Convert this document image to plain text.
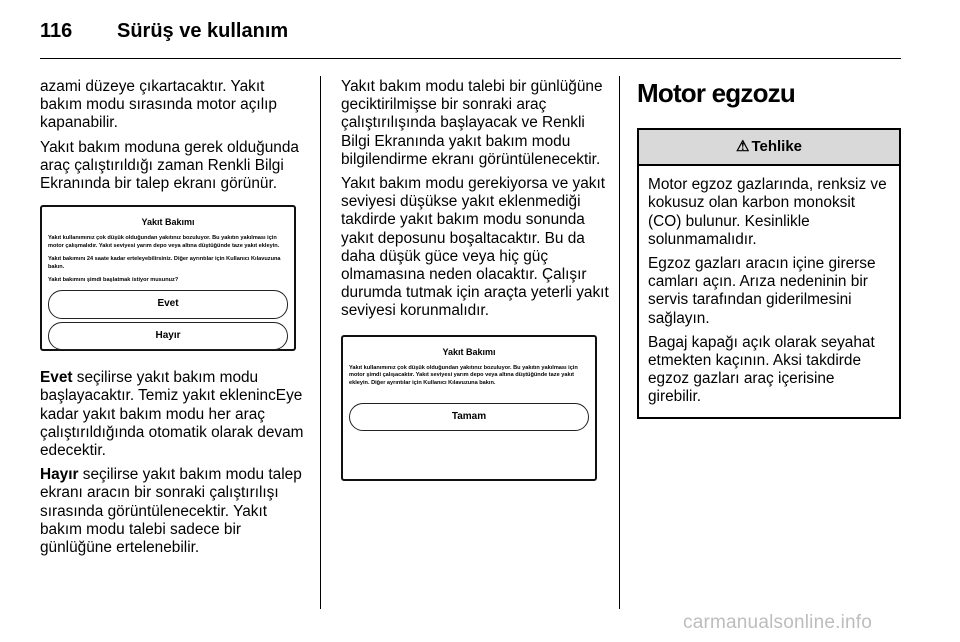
116 Sürüş ve kullanım

azami düzeye çıkartacaktır. Yakıt bakım modu sırasında motor açılıp kapanabilir.

Yakıt bakım moduna gerek olduğunda araç çalıştırıldığı zaman Renkli Bilgi Ekranında bir talep ekranı görünür.

Yakıt Bakımı

Yakıt kullanımınız çok düşük olduğundan yakıtınız bozuluyor. Bu yakıtın yakılması için motor çalışmalıdır. Yakıt seviyesi yarım depo veya altına düştüğünde taze yakıt ekleyin.

Yakıt bakımını 24 saate kadar erteleyebilirsiniz. Diğer ayrıntılar için Kullanıcı Kılavuzuna bakın.

Yakıt bakımını şimdi başlatmak istiyor musunuz?

Evet
Hayır

Evet seçilirse yakıt bakım modu başlayacaktır. Temiz yakıt eklenincEye kadar yakıt bakım modu her araç çalıştırıldığında otomatik olarak devam edecektir.

Hayır seçilirse yakıt bakım modu talep ekranı aracın bir sonraki çalıştırılışı sırasında görüntülenecektir. Yakıt bakım modu talebi sadece bir günlüğüne ertelenebilir.

Yakıt bakım modu talebi bir günlüğüne geciktirilmişse bir sonraki araç çalıştırılışında başlayacak ve Renkli Bilgi Ekranında yakıt bakım modu bilgilendirme ekranı görüntülenecektir.

Yakıt bakım modu gerekiyorsa ve yakıt seviyesi düşükse yakıt eklenmediği takdirde yakıt bakım modu sonunda yakıt deposunu boşaltacaktır. Bu da daha düşük gücе veya hiç güç olmamasına neden olacaktır. Çalışır durumda tutmak için araçta yeterli yakıt seviyesi korunmalıdır.

Yakıt Bakımı

Yakıt kullanımınız çok düşük olduğundan yakıtınız bozuluyor. Bu yakıtın yakılması için motor şimdi çalışacaktır. Yakıt seviyesi yarım depo veya altına düştüğünde taze yakıt ekleyin. Diğer ayrıntılar için Kullanıcı Kılavuzuna bakın.

Tamam
Motor egzozu
⚠ Tehlike

Motor egzoz gazlarında, renksiz ve kokusuz olan karbon monoksit (CO) bulunur. Kesinlikle solunmamalıdır.

Egzoz gazları aracın içine girerse camları açın. Arıza nedeninin bir servis tarafından giderilmesini sağlayın.

Bagaj kapağı açık olarak seyahat etmekten kaçının. Aksi takdirde egzoz gazları araç içerisine girebilir.

carmanualsonline.info
